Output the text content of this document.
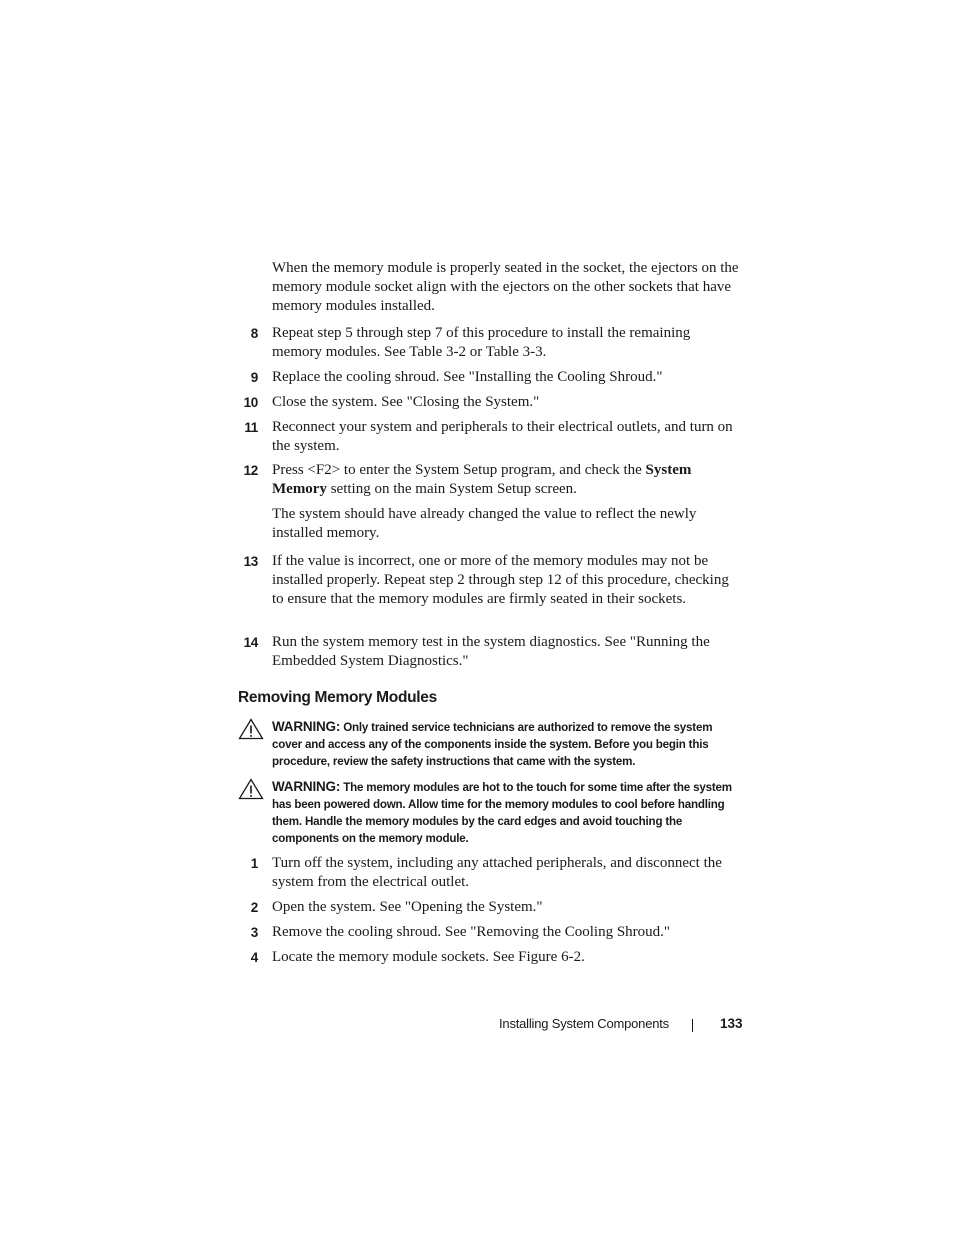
When the memory module is properly seated in the socket, the ejectors on the memory module socket align with the ejectors on the other sockets that have memory modules installed.

8 Repeat step 5 through step 7 of this procedure to install the remaining memory modules. See Table 3-2 or Table 3-3.
9 Replace the cooling shroud. See "Installing the Cooling Shroud."
10 Close the system. See "Closing the System."
11 Reconnect your system and peripherals to their electrical outlets, and turn on the system.
12 Press <F2> to enter the System Setup program, and check the System Memory setting on the main System Setup screen.

The system should have already changed the value to reflect the newly installed memory.

13 If the value is incorrect, one or more of the memory modules may not be installed properly. Repeat step 2 through step 12 of this procedure, checking to ensure that the memory modules are firmly seated in their sockets.
14 Run the system memory test in the system diagnostics. See "Running the Embedded System Diagnostics."
Removing Memory Modules
WARNING: Only trained service technicians are authorized to remove the system cover and access any of the components inside the system. Before you begin this procedure, review the safety instructions that came with the system.
WARNING: The memory modules are hot to the touch for some time after the system has been powered down. Allow time for the memory modules to cool before handling them. Handle the memory modules by the card edges and avoid touching the components on the memory module.
1 Turn off the system, including any attached peripherals, and disconnect the system from the electrical outlet.
2 Open the system. See "Opening the System."
3 Remove the cooling shroud. See "Removing the Cooling Shroud."
4 Locate the memory module sockets. See Figure 6-2.
Installing System Components	133
